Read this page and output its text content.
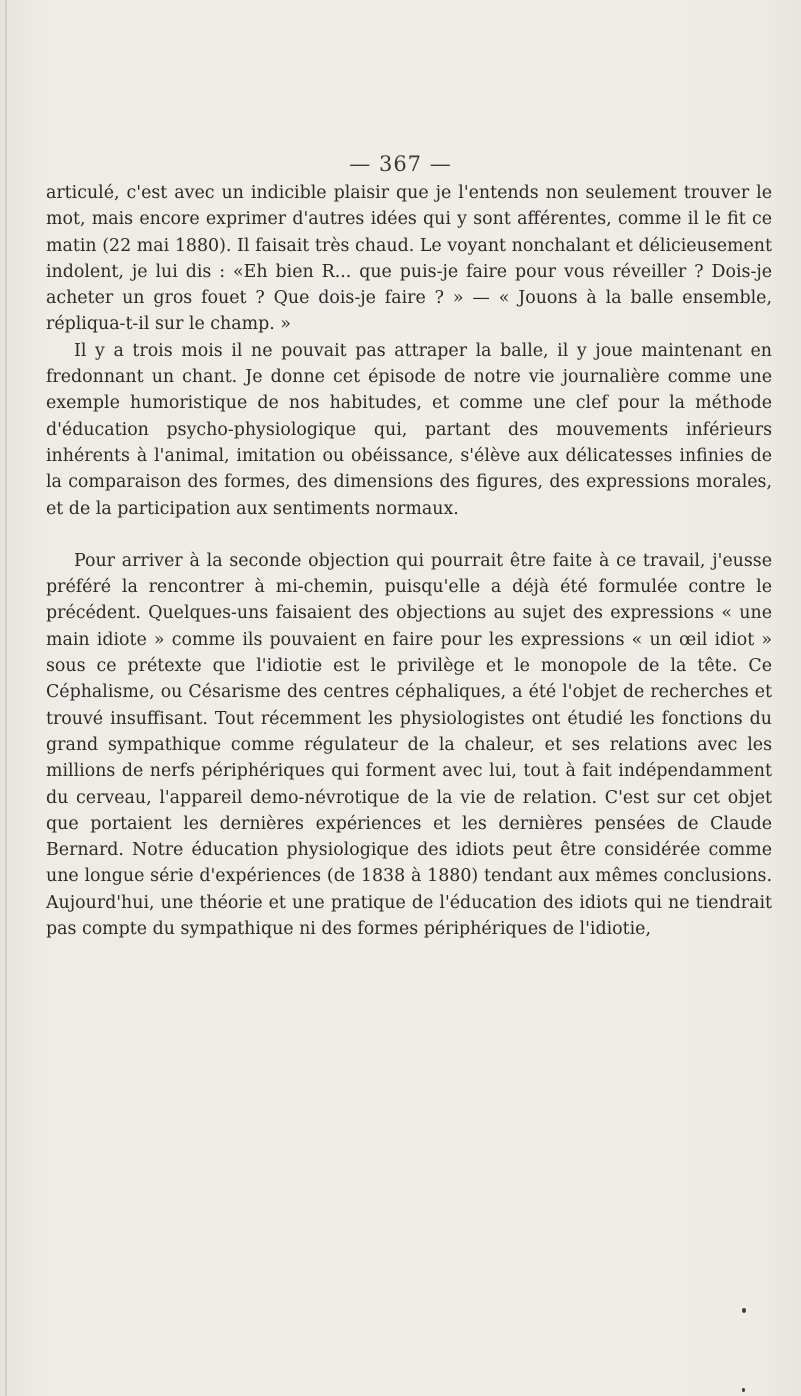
— 367 —

articulé, c'est avec un indicible plaisir que je l'entends non seulement trouver le mot, mais encore exprimer d'autres idées qui y sont afférentes, comme il le fit ce matin (22 mai 1880). Il faisait très chaud. Le voyant nonchalant et délicieusement indolent, je lui dis : «Eh bien R... que puis-je faire pour vous réveiller ? Dois-je acheter un gros fouet ? Que dois-je faire ? » — « Jouons à la balle ensemble, répliqua-t-il sur le champ. »

Il y a trois mois il ne pouvait pas attraper la balle, il y joue maintenant en fredonnant un chant. Je donne cet épisode de notre vie journalière comme une exemple humoristique de nos habitudes, et comme une clef pour la méthode d'éducation psycho-physiologique qui, partant des mouvements inférieurs inhérents à l'animal, imitation ou obéissance, s'élève aux délicatesses infinies de la comparaison des formes, des dimensions des figures, des expressions morales, et de la participation aux sentiments normaux.

Pour arriver à la seconde objection qui pourrait être faite à ce travail, j'eusse préféré la rencontrer à mi-chemin, puisqu'elle a déjà été formulée contre le précédent. Quelques-uns faisaient des objections au sujet des expressions « une main idiote » comme ils pouvaient en faire pour les expressions « un œil idiot » sous ce prétexte que l'idiotie est le privilège et le monopole de la tête. Ce Céphalisme, ou Césarisme des centres céphaliques, a été l'objet de recherches et trouvé insuffisant. Tout récemment les physiologistes ont étudié les fonctions du grand sympathique comme régulateur de la chaleur, et ses relations avec les millions de nerfs périphériques qui forment avec lui, tout à fait indépendamment du cerveau, l'appareil demo-névrotique de la vie de relation. C'est sur cet objet que portaient les dernières expériences et les dernières pensées de Claude Bernard. Notre éducation physiologique des idiots peut être considérée comme une longue série d'expériences (de 1838 à 1880) tendant aux mêmes conclusions. Aujourd'hui, une théorie et une pratique de l'éducation des idiots qui ne tiendrait pas compte du sympathique ni des formes périphériques de l'idiotie,
